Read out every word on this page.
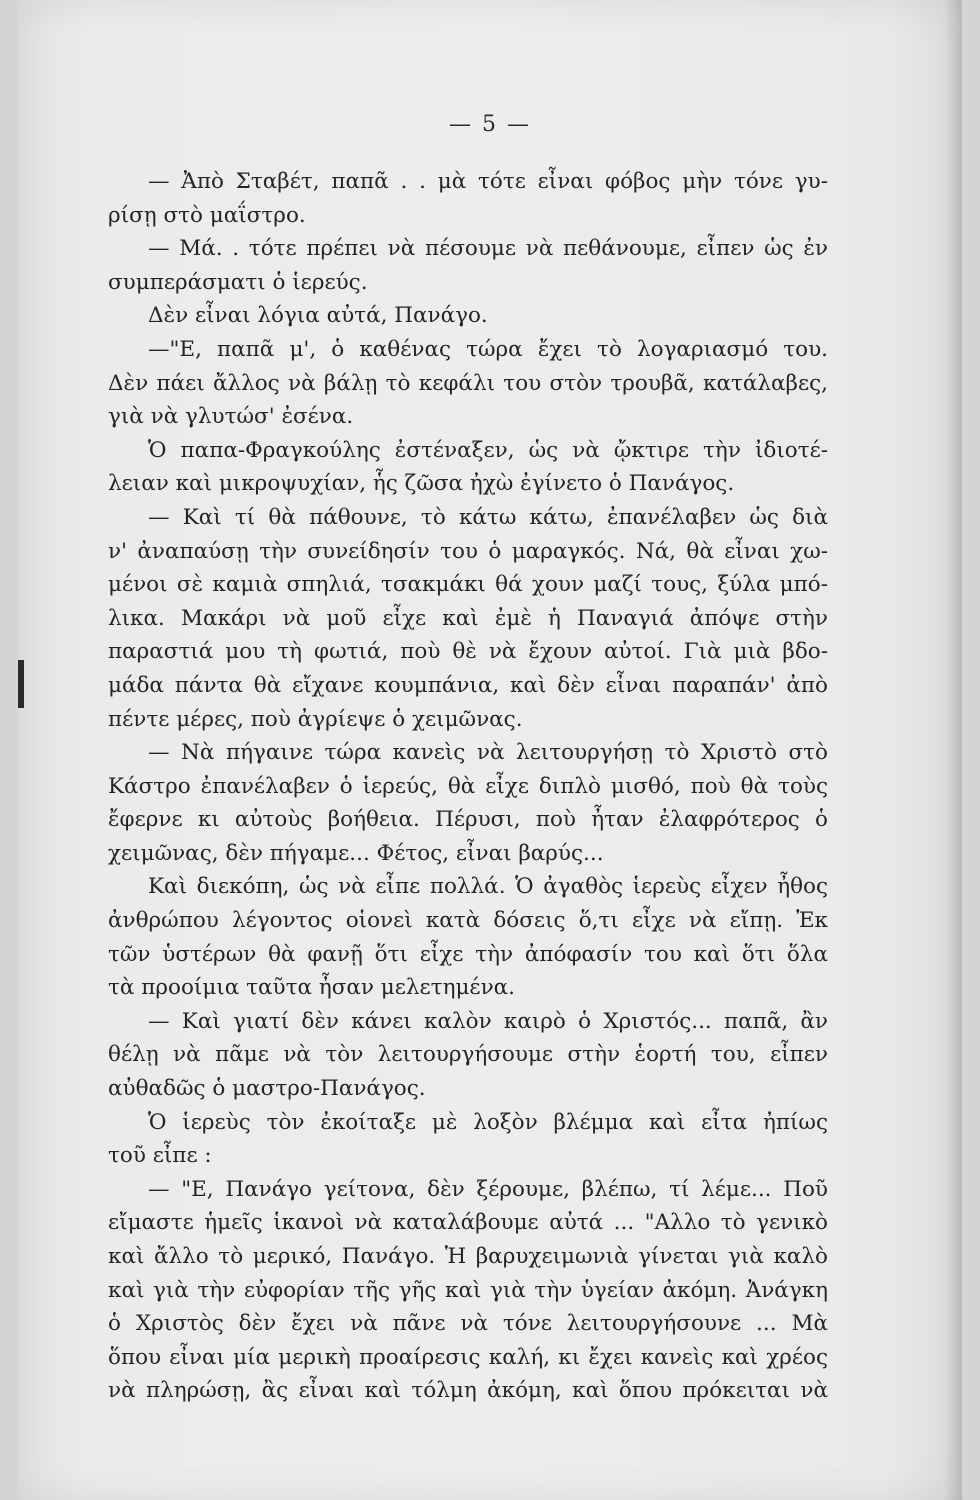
— 5 —
— Ἀπὸ Σταβέτ, παπᾶ . . μὰ τότε εἶναι φόβος μὴν τόνε γυ-
ρίσῃ στὸ μαΐστρο.
— Μά. . τότε πρέπει νὰ πέσουμε νὰ πεθάνουμε, εἶπεν ὡς ἐν
συμπεράσματι ὁ ἱερεύς.
Δὲν εἶναι λόγια αὐτά, Πανάγο.
—"Ε, παπᾶ μ', ὁ καθένας τώρα ἔχει τὸ λογαριασμό του.
Δὲν πάει ἄλλος νὰ βάλῃ τὸ κεφάλι του στὸν τρουβᾶ, κατάλαβες,
γιὰ νὰ γλυτώσ' ἐσένα.
Ὁ παπα-Φραγκούλης ἐστέναξεν, ὡς νὰ ᾤκτιρε τὴν ἰδιοτέ-
λειαν καὶ μικροψυχίαν, ἧς ζῶσα ἠχὼ ἐγίνετο ὁ Πανάγος.
— Καὶ τί θὰ πάθουνε, τὸ κάτω κάτω, ἐπανέλαβεν ὡς διὰ
ν' ἀναπαύσῃ τὴν συνείδησίν του ὁ μαραγκός. Νά, θὰ εἶναι χω-
μένοι σὲ καμιὰ σπηλιά, τσακμάκι θά χουν μαζί τους, ξύλα μπό-
λικα. Μακάρι νὰ μοῦ εἶχε καὶ ἐμὲ ἡ Παναγιά ἀπόψε στὴν
παραστιά μου τὴ φωτιά, ποὺ θὲ νὰ ἔχουν αὐτοί. Γιὰ μιὰ βδο-
μάδα πάντα θὰ εἴχανε κουμπάνια, καὶ δὲν εἶναι παραπάν' ἀπὸ
πέντε μέρες, ποὺ ἀγρίεψε ὁ χειμῶνας.
— Νὰ πήγαινε τώρα κανεὶς νὰ λειτουργήσῃ τὸ Χριστὸ στὸ
Κάστρο ἐπανέλαβεν ὁ ἱερεύς, θὰ εἶχε διπλὸ μισθό, ποὺ θὰ τοὺς
ἔφερνε κι αὐτοὺς βοήθεια. Πέρυσι, ποὺ ἦταν ἐλαφρότερος ὁ
χειμῶνας, δὲν πήγαμε... Φέτος, εἶναι βαρύς...
Καὶ διεκόπη, ὡς νὰ εἶπε πολλά. Ὁ ἀγαθὸς ἱερεὺς εἶχεν ἦθος
ἀνθρώπου λέγοντος οἱονεὶ κατὰ δόσεις ὅ,τι εἶχε νὰ εἴπῃ. Ἐκ
τῶν ὑστέρων θὰ φανῇ ὅτι εἶχε τὴν ἀπόφασίν του καὶ ὅτι ὅλα
τὰ προοίμια ταῦτα ἦσαν μελετημένα.
— Καὶ γιατί δὲν κάνει καλὸν καιρὸ ὁ Χριστός... παπᾶ, ἂν
θέλῃ νὰ πᾶμε νὰ τὸν λειτουργήσουμε στὴν ἑορτή του, εἶπεν
αὐθαδῶς ὁ μαστρο-Πανάγος.
Ὁ ἱερεὺς τὸν ἐκοίταξε μὲ λοξὸν βλέμμα καὶ εἶτα ἠπίως
τοῦ εἶπε :
— "Ε, Πανάγο γείτονα, δὲν ξέρουμε, βλέπω, τί λέμε... Ποῦ
εἴμαστε ἡμεῖς ἱκανοὶ νὰ καταλάβουμε αὐτά ... "Αλλο τὸ γενικὸ
καὶ ἄλλο τὸ μερικό, Πανάγο. Ἡ βαρυχειμωνιὰ γίνεται γιὰ καλὸ
καὶ γιὰ τὴν εὐφορίαν τῆς γῆς καὶ γιὰ τὴν ὑγείαν ἀκόμη. Ἀνάγκη
ὁ Χριστὸς δὲν ἔχει νὰ πᾶνε νὰ τόνε λειτουργήσουνε ... Μὰ
ὅπου εἶναι μία μερικὴ προαίρεσις καλή, κι ἔχει κανεὶς καὶ χρέος
νὰ πληρώσῃ, ἂς εἶναι καὶ τόλμη ἀκόμη, καὶ ὅπου πρόκειται νὰ
